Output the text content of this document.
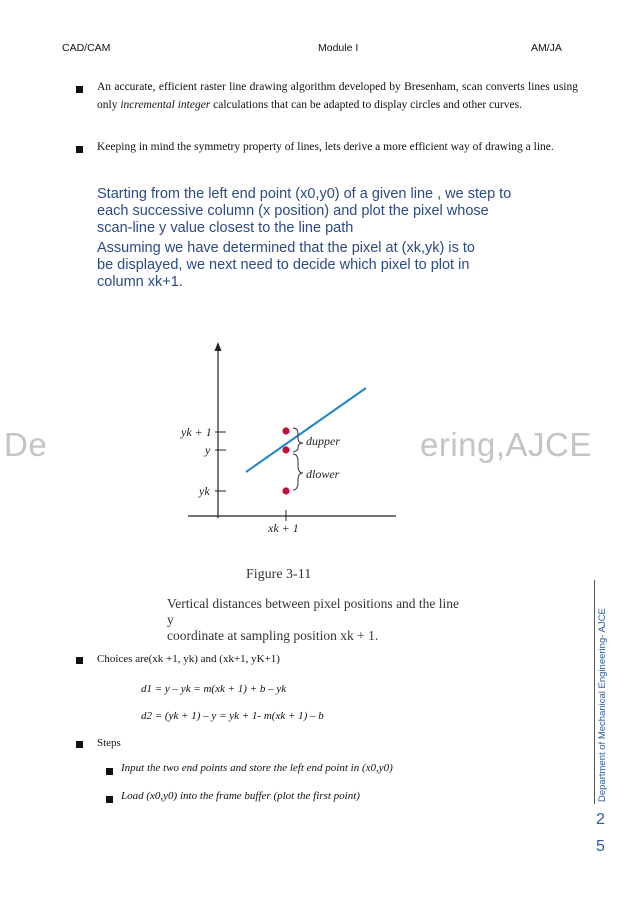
CAD/CAM	Module I	AM/JA
De	ering,AJCE
An accurate, efficient raster line drawing algorithm developed by Bresenham, scan converts lines using only incremental integer calculations that can be adapted to display circles and other curves.
Keeping in mind the symmetry property of lines, lets derive a more efficient way of drawing a line.
Starting from the left end point (x0,y0) of a given line , we step to
each successive column (x position) and plot the pixel whose
scan-line y value closest to the line path
Assuming we have determined that the pixel at (xk,yk) is to
be displayed, we next need to decide which pixel to plot in
column xk+1.
yk + 1
y
yk
xk + 1
dupper
dlower
Figure 3-11
Vertical distances between pixel positions and the line y
coordinate at sampling position xk + 1.
Choices are(xk +1, yk) and (xk+1, yK+1)
d1 = y – yk = m(xk + 1) + b – yk
d2 = (yk + 1) – y = yk + 1- m(xk + 1) – b
Steps
Input the two end points and store the left end point in (x0,y0)
Load (x0,y0) into the frame buffer (plot the first point)	Department of Mechanical Engineering- AJCE
2
5
